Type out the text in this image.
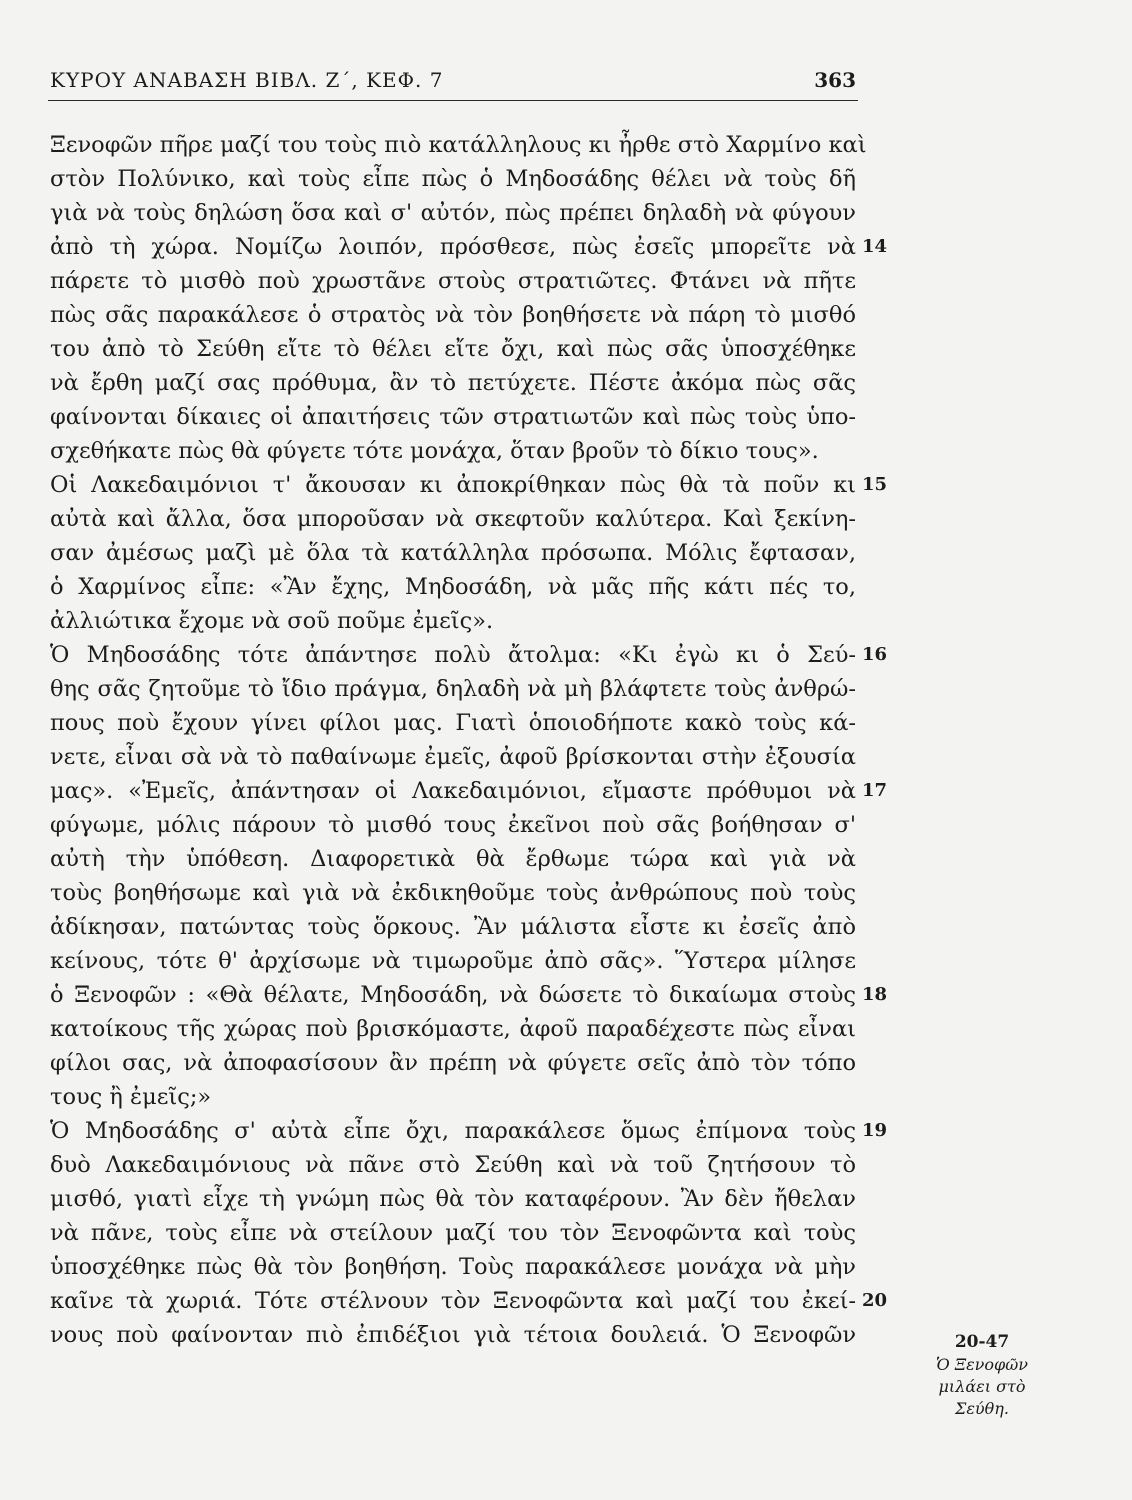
ΚΥΡΟΥ ΑΝΑΒΑΣΗ ΒΙΒΛ. Ζ΄, ΚΕΦ. 7	363
Ξενοφῶν πῆρε μαζί του τοὺς πιὸ κατάλληλους κι ἦρθε στὸ Χαρμίνο καὶ
στὸν Πολύνικο, καὶ τοὺς εἶπε πὼς ὁ Μηδοσάδης θέλει νὰ τοὺς δῆ
γιὰ νὰ τοὺς δηλώση ὅσα καὶ σ' αὐτόν, πὼς πρέπει δηλαδὴ νὰ φύγουν
ἀπὸ τὴ χώρα. Νομίζω λοιπόν, πρόσθεσε, πὼς ἐσεῖς μπορεῖτε νὰ
πάρετε τὸ μισθὸ ποὺ χρωστᾶνε στοὺς στρατιῶτες. Φτάνει νὰ πῆτε
πὼς σᾶς παρακάλεσε ὁ στρατὸς νὰ τὸν βοηθήσετε νὰ πάρη τὸ μισθό
του ἀπὸ τὸ Σεύθη εἴτε τὸ θέλει εἴτε ὄχι, καὶ πὼς σᾶς ὑποσχέθηκε
νὰ ἔρθη μαζί σας πρόθυμα, ἂν τὸ πετύχετε. Πέστε ἀκόμα πὼς σᾶς
φαίνονται δίκαιες οἱ ἀπαιτήσεις τῶν στρατιωτῶν καὶ πὼς τοὺς ὑπο-
σχεθήκατε πὼς θὰ φύγετε τότε μονάχα, ὅταν βροῦν τὸ δίκιο τους».
Οἱ Λακεδαιμόνιοι τ' ἄκουσαν κι ἀποκρίθηκαν πὼς θὰ τὰ ποῦν κι
αὐτὰ καὶ ἄλλα, ὅσα μποροῦσαν νὰ σκεφτοῦν καλύτερα. Καὶ ξεκίνη-
σαν ἀμέσως μαζὶ μὲ ὅλα τὰ κατάλληλα πρόσωπα. Μόλις ἔφτασαν,
ὁ Χαρμίνος εἶπε: «Ἂν ἔχης, Μηδοσάδη, νὰ μᾶς πῆς κάτι πές το,
ἀλλιώτικα ἔχομε νὰ σοῦ ποῦμε ἐμεῖς».
Ὁ Μηδοσάδης τότε ἀπάντησε πολὺ ἄτολμα: «Κι ἐγὼ κι ὁ Σεύ-
θης σᾶς ζητοῦμε τὸ ἴδιο πράγμα, δηλαδὴ νὰ μὴ βλάφτετε τοὺς ἀνθρώ-
πους ποὺ ἔχουν γίνει φίλοι μας. Γιατὶ ὁποιοδήποτε κακὸ τοὺς κά-
νετε, εἶναι σὰ νὰ τὸ παθαίνωμε ἐμεῖς, ἀφοῦ βρίσκονται στὴν ἐξουσία
μας». «Ἐμεῖς, ἀπάντησαν οἱ Λακεδαιμόνιοι, εἴμαστε πρόθυμοι νὰ
φύγωμε, μόλις πάρουν τὸ μισθό τους ἐκεῖνοι ποὺ σᾶς βοήθησαν σ'
αὐτὴ τὴν ὑπόθεση. Διαφορετικὰ θὰ ἔρθωμε τώρα καὶ γιὰ νὰ
τοὺς βοηθήσωμε καὶ γιὰ νὰ ἐκδικηθοῦμε τοὺς ἀνθρώπους ποὺ τοὺς
ἀδίκησαν, πατώντας τοὺς ὅρκους. Ἂν μάλιστα εἶστε κι ἐσεῖς ἀπὸ
κείνους, τότε θ' ἀρχίσωμε νὰ τιμωροῦμε ἀπὸ σᾶς». Ὕστερα μίλησε
ὁ Ξενοφῶν : «Θὰ θέλατε, Μηδοσάδη, νὰ δώσετε τὸ δικαίωμα στοὺς
κατοίκους τῆς χώρας ποὺ βρισκόμαστε, ἀφοῦ παραδέχεστε πὼς εἶναι
φίλοι σας, νὰ ἀποφασίσουν ἂν πρέπη νὰ φύγετε σεῖς ἀπὸ τὸν τόπο
τους ἢ ἐμεῖς;»
Ὁ Μηδοσάδης σ' αὐτὰ εἶπε ὄχι, παρακάλεσε ὅμως ἐπίμονα τοὺς
δυὸ Λακεδαιμόνιους νὰ πᾶνε στὸ Σεύθη καὶ νὰ τοῦ ζητήσουν τὸ
μισθό, γιατὶ εἶχε τὴ γνώμη πὼς θὰ τὸν καταφέρουν. Ἂν δὲν ἤθελαν
νὰ πᾶνε, τοὺς εἶπε νὰ στείλουν μαζί του τὸν Ξενοφῶντα καὶ τοὺς
ὑποσχέθηκε πὼς θὰ τὸν βοηθήση. Τοὺς παρακάλεσε μονάχα νὰ μὴν
καῖνε τὰ χωριά. Τότε στέλνουν τὸν Ξενοφῶντα καὶ μαζί του ἐκεί-
νους ποὺ φαίνονταν πιὸ ἐπιδέξιοι γιὰ τέτοια δουλειά. Ὁ Ξενοφῶν
14
15
16
17
18
19
20
20-47
Ὁ Ξενοφῶν
μιλάει στὸ
Σεύθη.
